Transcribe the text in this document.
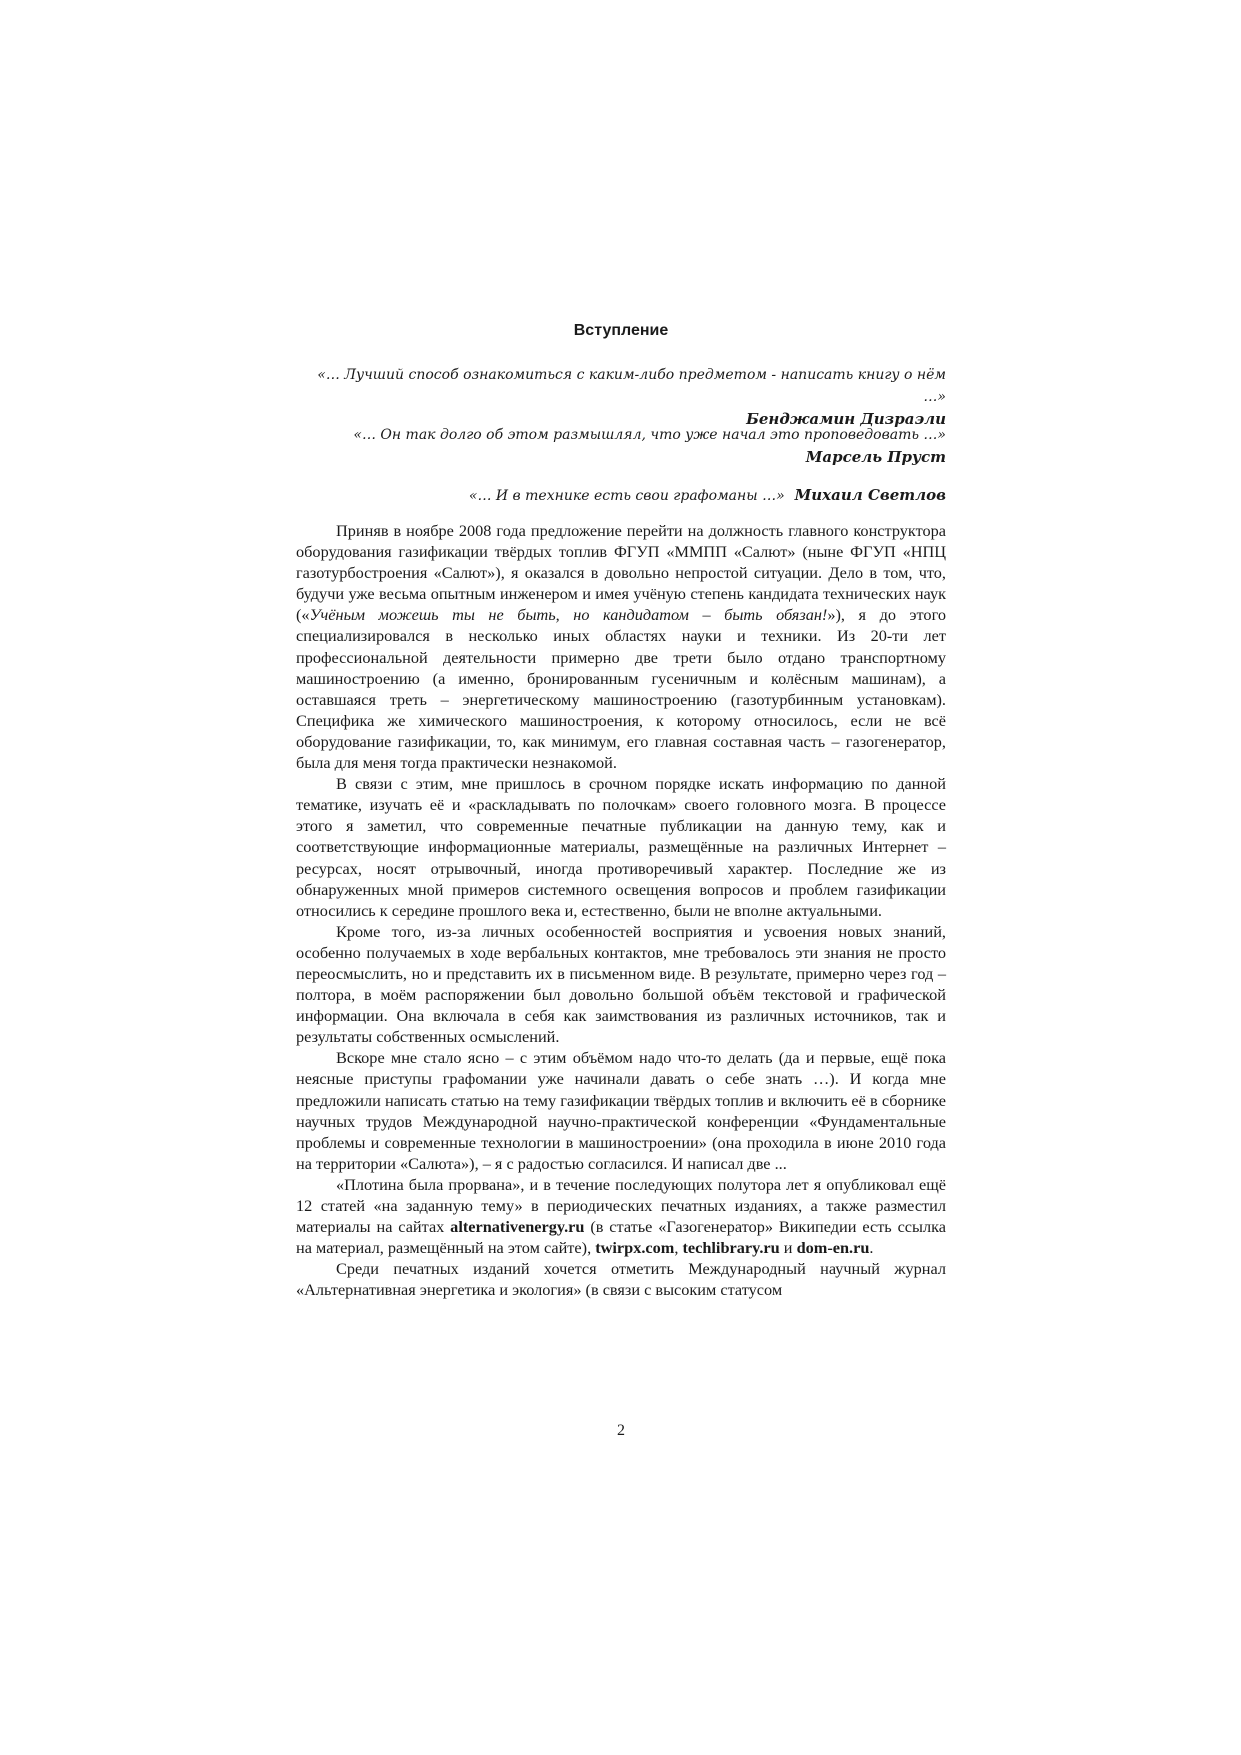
Вступление
«… Лучший способ ознакомиться с каким-либо предметом - написать книгу о нём …»
Бенджамин Дизраэли
«… Он так долго об этом размышлял, что уже начал это проповедовать …»
Марсель Пруст
«… И в технике есть свои графоманы …» Михаил Светлов

Приняв в ноябре 2008 года предложение перейти на должность главного конструктора оборудования газификации твёрдых топлив ФГУП «ММПП «Салют» (ныне ФГУП «НПЦ газотурбостроения «Салют»), я оказался в довольно непростой ситуации. Дело в том, что, будучи уже весьма опытным инженером и имея учёную степень кандидата технических наук («Учёным можешь ты не быть, но кандидатом – быть обязан!»), я до этого специализировался в несколько иных областях науки и техники. Из 20-ти лет профессиональной деятельности примерно две трети было отдано транспортному машиностроению (а именно, бронированным гусеничным и колёсным машинам), а оставшаяся треть – энергетическому машиностроению (газотурбинным установкам). Специфика же химического машиностроения, к которому относилось, если не всё оборудование газификации, то, как минимум, его главная составная часть – газогенератор, была для меня тогда практически незнакомой.

В связи с этим, мне пришлось в срочном порядке искать информацию по данной тематике, изучать её и «раскладывать по полочкам» своего головного мозга. В процессе этого я заметил, что современные печатные публикации на данную тему, как и соответствующие информационные материалы, размещённые на различных Интернет – ресурсах, носят отрывочный, иногда противоречивый характер. Последние же из обнаруженных мной примеров системного освещения вопросов и проблем газификации относились к середине прошлого века и, естественно, были не вполне актуальными.

Кроме того, из-за личных особенностей восприятия и усвоения новых знаний, особенно получаемых в ходе вербальных контактов, мне требовалось эти знания не просто переосмыслить, но и представить их в письменном виде. В результате, примерно через год – полтора, в моём распоряжении был довольно большой объём текстовой и графической информации. Она включала в себя как заимствования из различных источников, так и результаты собственных осмыслений.

Вскоре мне стало ясно – с этим объёмом надо что-то делать (да и первые, ещё пока неясные приступы графомании уже начинали давать о себе знать …). И когда мне предложили написать статью на тему газификации твёрдых топлив и включить её в сборнике научных трудов Международной научно-практической конференции «Фундаментальные проблемы и современные технологии в машиностроении» (она проходила в июне 2010 года на территории «Салюта»), – я с радостью согласился. И написал две ...

«Плотина была прорвана», и в течение последующих полутора лет я опубликовал ещё 12 статей «на заданную тему» в периодических печатных изданиях, а также разместил материалы на сайтах alternativenergy.ru (в статье «Газогенератор» Википедии есть ссылка на материал, размещённый на этом сайте), twirpx.com, techlibrary.ru и dom-en.ru.

Среди печатных изданий хочется отметить Международный научный журнал «Альтернативная энергетика и экология» (в связи с высоким статусом

2
